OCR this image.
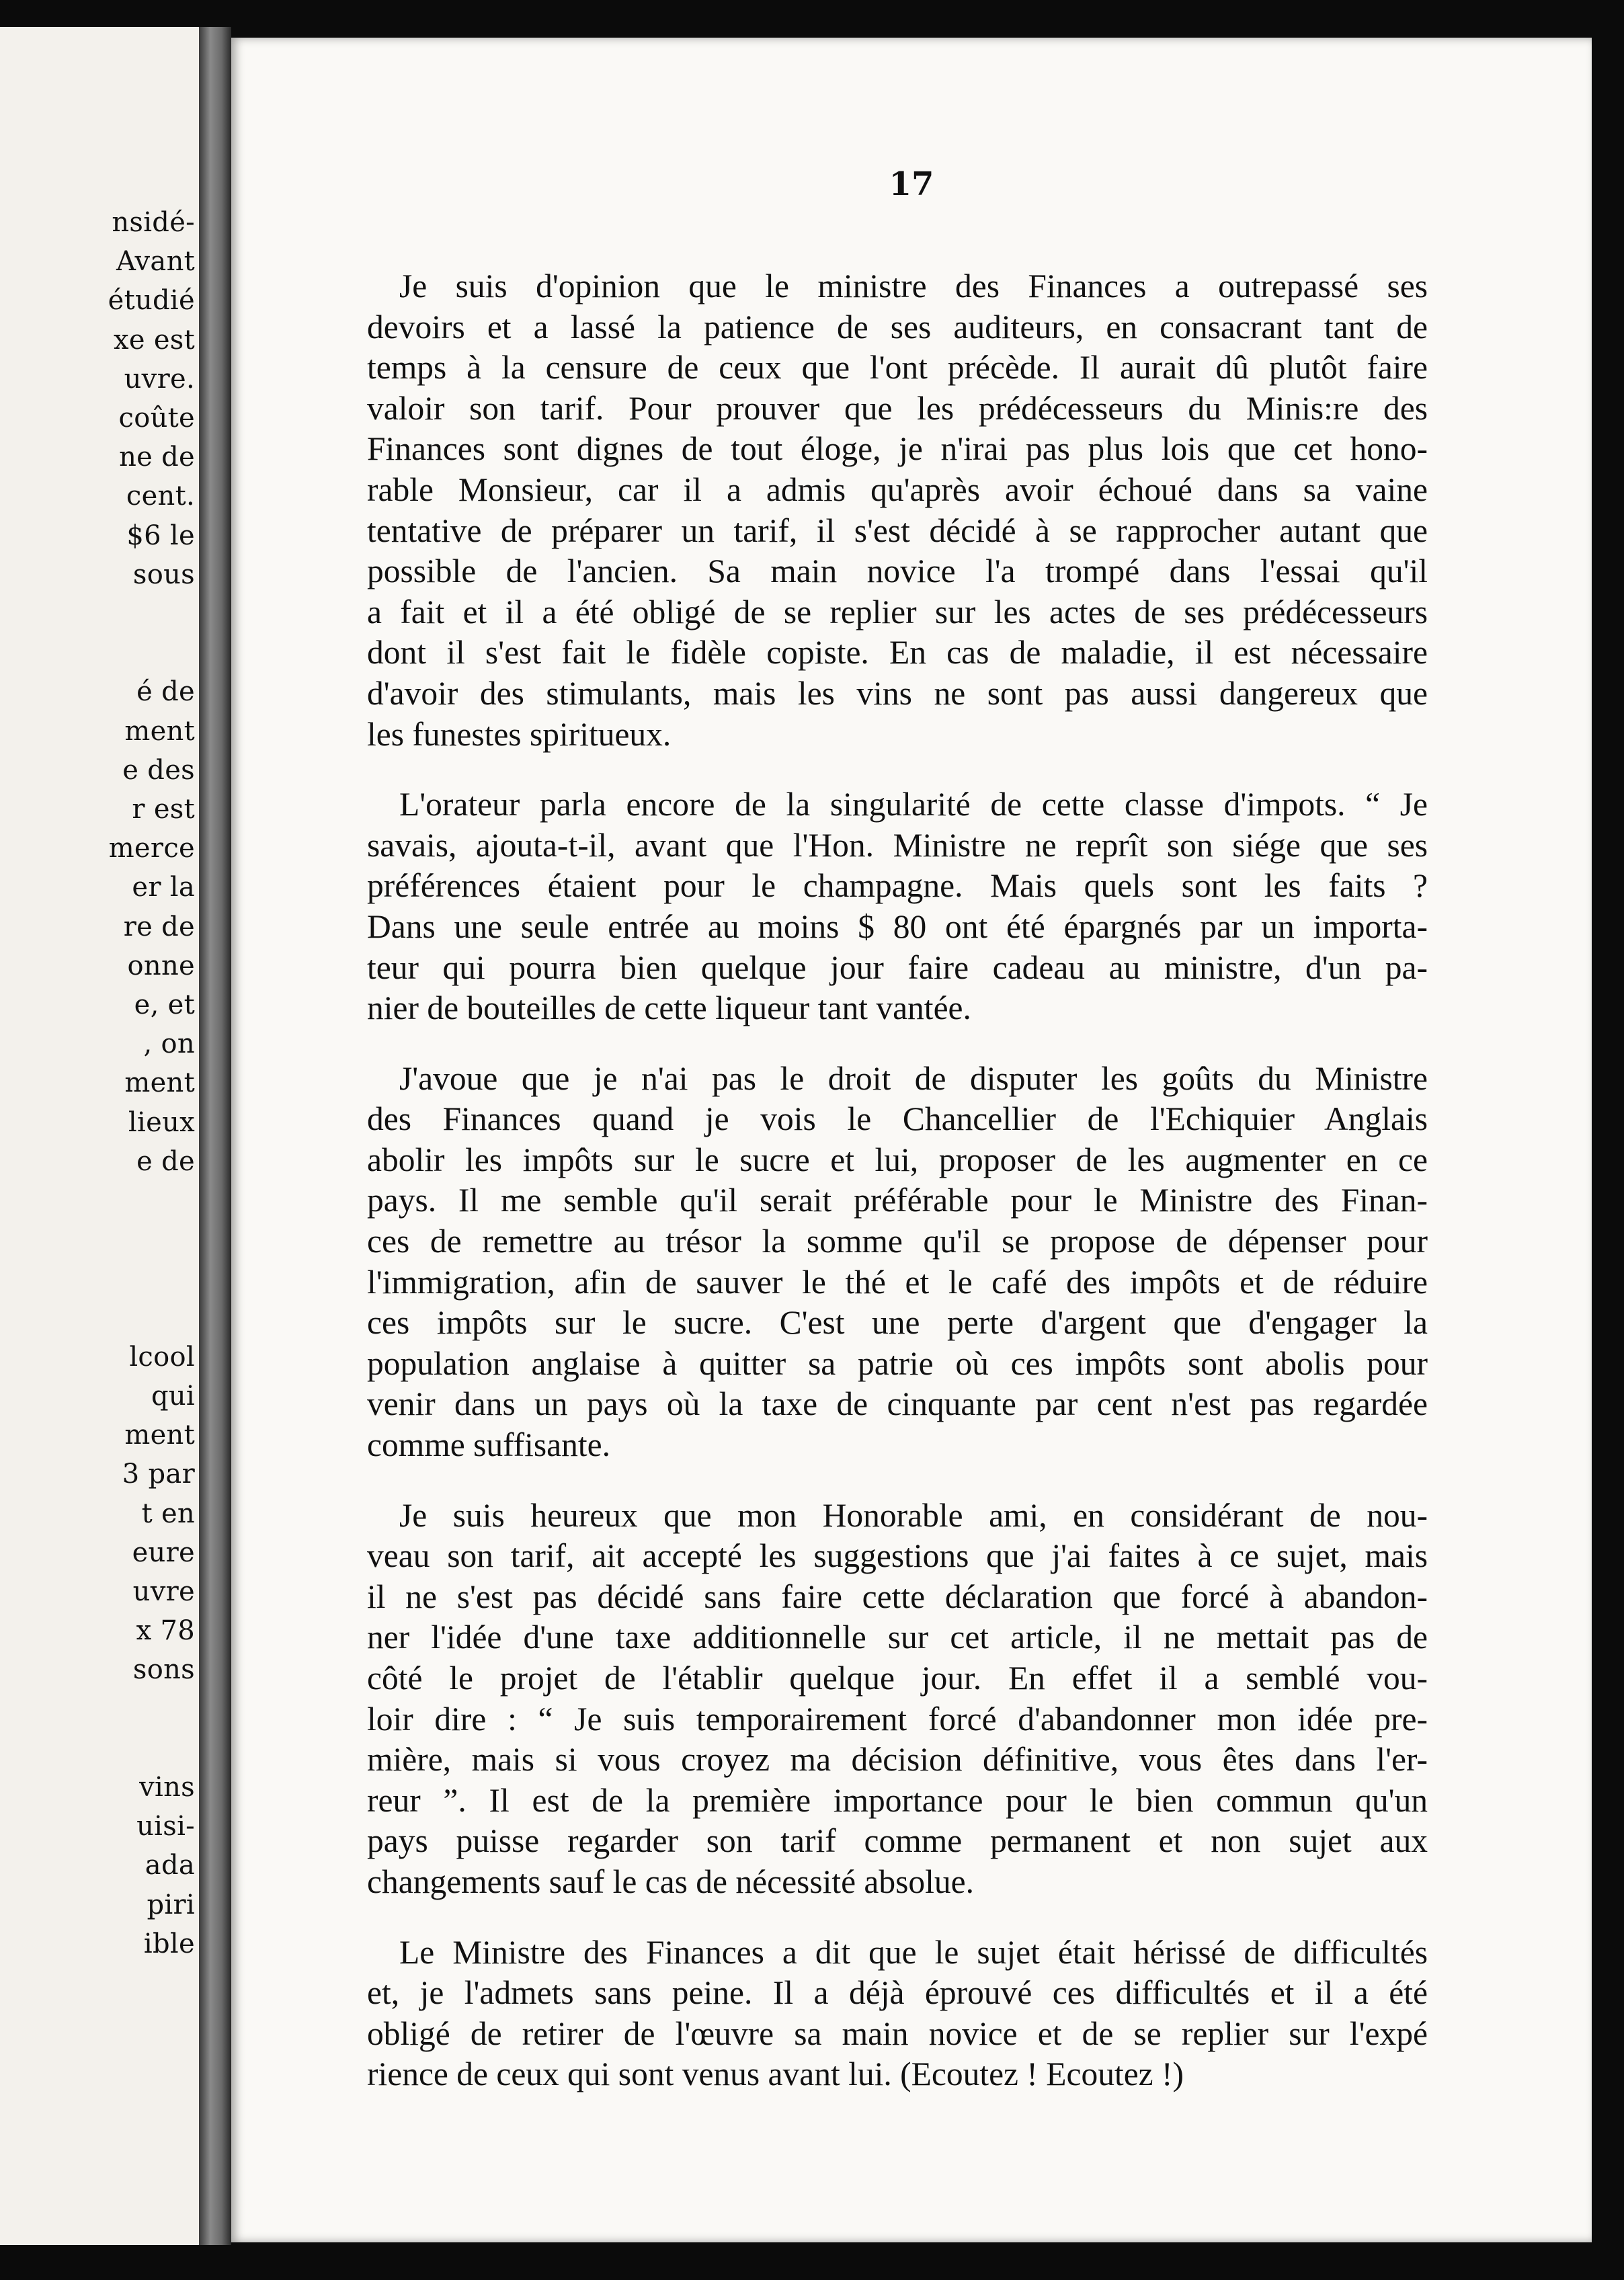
nsidé-
Avant
étudié
xe est
uvre.
coûte
ne de
cent.
$6 le
sous
é de
ment
e des
r est
merce
er la
re de
onne
e, et
, on
ment
lieux
e de
lcool
qui
ment
3 par
t en
eure
uvre
x 78
sons
vins
uisi-
ada
piri
ible
17
Je suis d'opinion que le ministre des Finances a outrepassé ses
devoirs et a lassé la patience de ses auditeurs, en consacrant tant de
temps à la censure de ceux que l'ont précède. Il aurait dû plutôt faire
valoir son tarif. Pour prouver que les prédécesseurs du Minis:re des
Finances sont dignes de tout éloge, je n'irai pas plus lois que cet hono-
rable Monsieur, car il a admis qu'après avoir échoué dans sa vaine
tentative de préparer un tarif, il s'est décidé à se rapprocher autant que
possible de l'ancien. Sa main novice l'a trompé dans l'essai qu'il
a fait et il a été obligé de se replier sur les actes de ses prédécesseurs
dont il s'est fait le fidèle copiste. En cas de maladie, il est nécessaire
d'avoir des stimulants, mais les vins ne sont pas aussi dangereux que
les funestes spiritueux.
L'orateur parla encore de la singularité de cette classe d'impots. “ Je
savais, ajouta-t-il, avant que l'Hon. Ministre ne reprît son siége que ses
préférences étaient pour le champagne. Mais quels sont les faits ?
Dans une seule entrée au moins $ 80 ont été épargnés par un importa-
teur qui pourra bien quelque jour faire cadeau au ministre, d'un pa-
nier de bouteilles de cette liqueur tant vantée.
J'avoue que je n'ai pas le droit de disputer les goûts du Ministre
des Finances quand je vois le Chancellier de l'Echiquier Anglais
abolir les impôts sur le sucre et lui, proposer de les augmenter en ce
pays. Il me semble qu'il serait préférable pour le Ministre des Finan-
ces de remettre au trésor la somme qu'il se propose de dépenser pour
l'immigration, afin de sauver le thé et le café des impôts et de réduire
ces impôts sur le sucre. C'est une perte d'argent que d'engager la
population anglaise à quitter sa patrie où ces impôts sont abolis pour
venir dans un pays où la taxe de cinquante par cent n'est pas regardée
comme suffisante.
Je suis heureux que mon Honorable ami, en considérant de nou-
veau son tarif, ait accepté les suggestions que j'ai faites à ce sujet, mais
il ne s'est pas décidé sans faire cette déclaration que forcé à abandon-
ner l'idée d'une taxe additionnelle sur cet article, il ne mettait pas de
côté le projet de l'établir quelque jour. En effet il a semblé vou-
loir dire : “ Je suis temporairement forcé d'abandonner mon idée pre-
mière, mais si vous croyez ma décision définitive, vous êtes dans l'er-
reur ”. Il est de la première importance pour le bien commun qu'un
pays puisse regarder son tarif comme permanent et non sujet aux
changements sauf le cas de nécessité absolue.
Le Ministre des Finances a dit que le sujet était hérissé de difficultés
et, je l'admets sans peine. Il a déjà éprouvé ces difficultés et il a été
obligé de retirer de l'œuvre sa main novice et de se replier sur l'expé
rience de ceux qui sont venus avant lui. (Ecoutez ! Ecoutez !)
